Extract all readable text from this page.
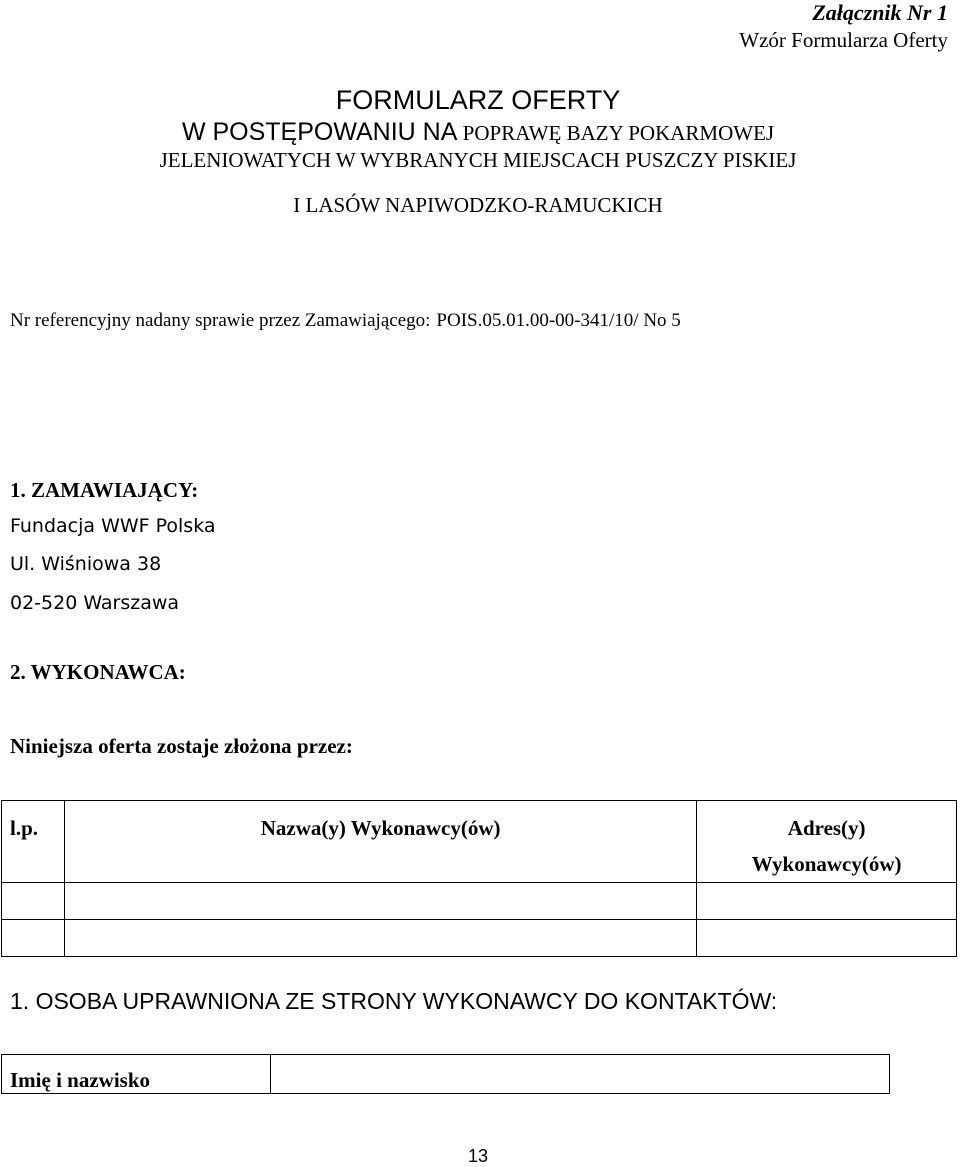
Załącznik Nr 1
Wzór Formularza Oferty
FORMULARZ OFERTY
W POSTĘPOWANIU NA POPRAWĘ BAZY POKARMOWEJ
JELENIOWATYCH W WYBRANYCH MIEJSCACH PUSZCZY PISKIEJ
I LASÓW NAPIWODZKO-RAMUCKICH
Nr referencyjny nadany sprawie przez Zamawiającego: POIS.05.01.00-00-341/10/ No 5
1. ZAMAWIAJĄCY:
Fundacja WWF Polska
Ul. Wiśniowa 38
02-520 Warszawa
2. WYKONAWCA:
Niniejsza oferta zostaje złożona przez:
l.p.	Nazwa(y) Wykonawcy(ów)	Adres(y)
Wykonawcy(ów)

1. OSOBA UPRAWNIONA ZE STRONY WYKONAWCY DO KONTAKTÓW:
Imię i nazwisko

13
